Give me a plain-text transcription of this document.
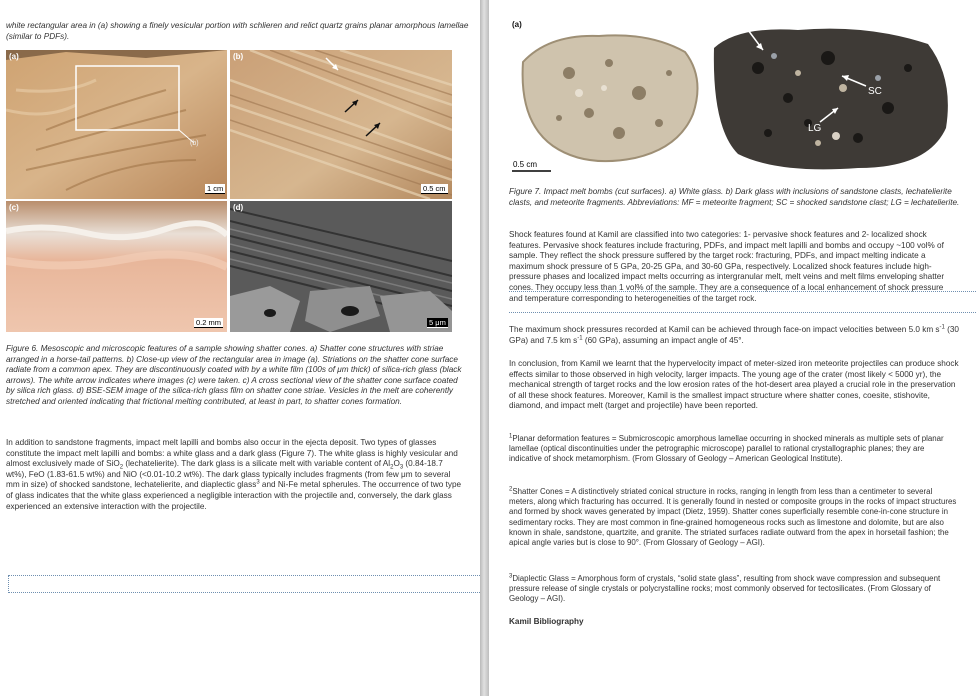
white rectangular area in (a) showing a finely vesicular portion with schlieren and relict quartz grains planar amorphous lamellae (similar to PDFs).

(a)
(b)
1 cm
(b)
0.5 cm
(c)
0.2 mm
(d)
5 μm

Figure 6. Mesoscopic and microscopic features of a sample showing shatter cones. a) Shatter cone structures with striae arranged in a horse-tail patterns. b) Close-up view of the rectangular area in image (a). Striations on the shatter cone surface radiate from a common apex. They are discontinuously coated with by a white film (100s of μm thick) of silica-rich glass (black arrows). The white arrow indicates where images (c) were taken. c) A cross sectional view of the shatter cone surface coated by silica rich glass. d) BSE-SEM image of the silica-rich glass film on shatter cone striae. Vesicles in the melt are coherently stretched and oriented indicating that frictional melting contributed, at least in part, to shatter cones formation.

In addition to sandstone fragments, impact melt lapilli and bombs also occur in the ejecta deposit. Two types of glasses constitute the impact melt lapilli and bombs: a white glass and a dark glass (Figure 7). The white glass is highly vesicular and almost exclusively made of SiO$_2$ (lechatelierite). The dark glass is a silicate melt with variable content of $Al_2O_3$ (0.84-18.7 wt%), FeO (1.83-61.5 wt%) and NiO (<0.01-10.2 wt%). The dark glass typically includes fragments (from few μm to several mm in size) of shocked sandstone, lechatelierite, and diaplectic glass$^3$ and Ni-Fe metal spherules. The occurrence of two type of glass indicates that the white glass experienced a negligible interaction with the projectile and, conversely, the dark glass experienced an extensive interaction with the projectile.

(a)
0.5 cm
(b) MF
SC
LG
0.5 cm

Figure 7. Impact melt bombs (cut surfaces). a) White glass. b) Dark glass with inclusions of sandstone clasts, lechatelierite clasts, and meteorite fragments. Abbreviations: MF = meteorite fragment; SC = shocked sandstone clast; LG = lechatelierite.

Shock features found at Kamil are classified into two categories: 1- pervasive shock features and 2- localized shock features. Pervasive shock features include fracturing, PDFs, and impact melt lapilli and bombs and occupy ~100 vol% of sample. They reflect the shock pressure suffered by the target rock: fracturing, PDFs, and impact melting indicate a maximum shock pressure of 5 GPa, 20-25 GPa, and 30-60 GPa, respectively. Localized shock features include high-pressure phases and localized impact melts occurring as intergranular melt, melt veins and melt films enveloping shatter cones. They occupy less than 1 vol% of the sample. They are a consequence of a local enhancement of shock pressure and temperature corresponding to heterogeneities of the target rock.

The maximum shock pressures recorded at Kamil can be achieved through face-on impact velocities between 5.0 km $s^{-1}$ (30 GPa) and 7.5 km $s^{-1}$ (60 GPa), assuming an impact angle of 45°.

In conclusion, from Kamil we learnt that the hypervelocity impact of meter-sized iron meteorite projectiles can produce shock effects similar to those observed in high velocity, larger impacts. The young age of the crater (most likely < 5000 yr), the mechanical strength of target rocks and the low erosion rates of the hot-desert area played a crucial role in the preservation of all these shock features. Moreover, Kamil is the smallest impact structure where shatter cones, coesite, stishovite, diamond, and impact melt (target and projectile) have been reported.

$^1$Planar deformation features = Submicroscopic amorphous lamellae occurring in shocked minerals as multiple sets of planar lamellae (optical discontinuities under the petrographic microscope) parallel to rational crystallographic planes; they are indicative of shock metamorphism. (From Glossary of Geology – American Geological Institute).

$^2$Shatter Cones = A distinctively striated conical structure in rocks, ranging in length from less than a centimeter to several meters, along which fracturing has occurred. It is generally found in nested or composite groups in the rocks of impact structures and formed by shock waves generated by impact (Dietz, 1959). Shatter cones superficially resemble cone-in-cone structure in sedimentary rocks. They are most common in fine-grained homogeneous rocks such as limestone and dolomite, but are also known in shale, sandstone, quartzite, and granite. The striated surfaces radiate outward from the apex in horsetail fashion; the apical angle varies but is close to 90°. (From Glossary of Geology – AGI).

$^3$Diaplectic Glass = Amorphous form of crystals, “solid state glass”, resulting from shock wave compression and subsequent pressure release of single crystals or polycrystalline rocks; most commonly observed for tectosilicates. (From Glossary of Geology – AGI).

Kamil Bibliography
